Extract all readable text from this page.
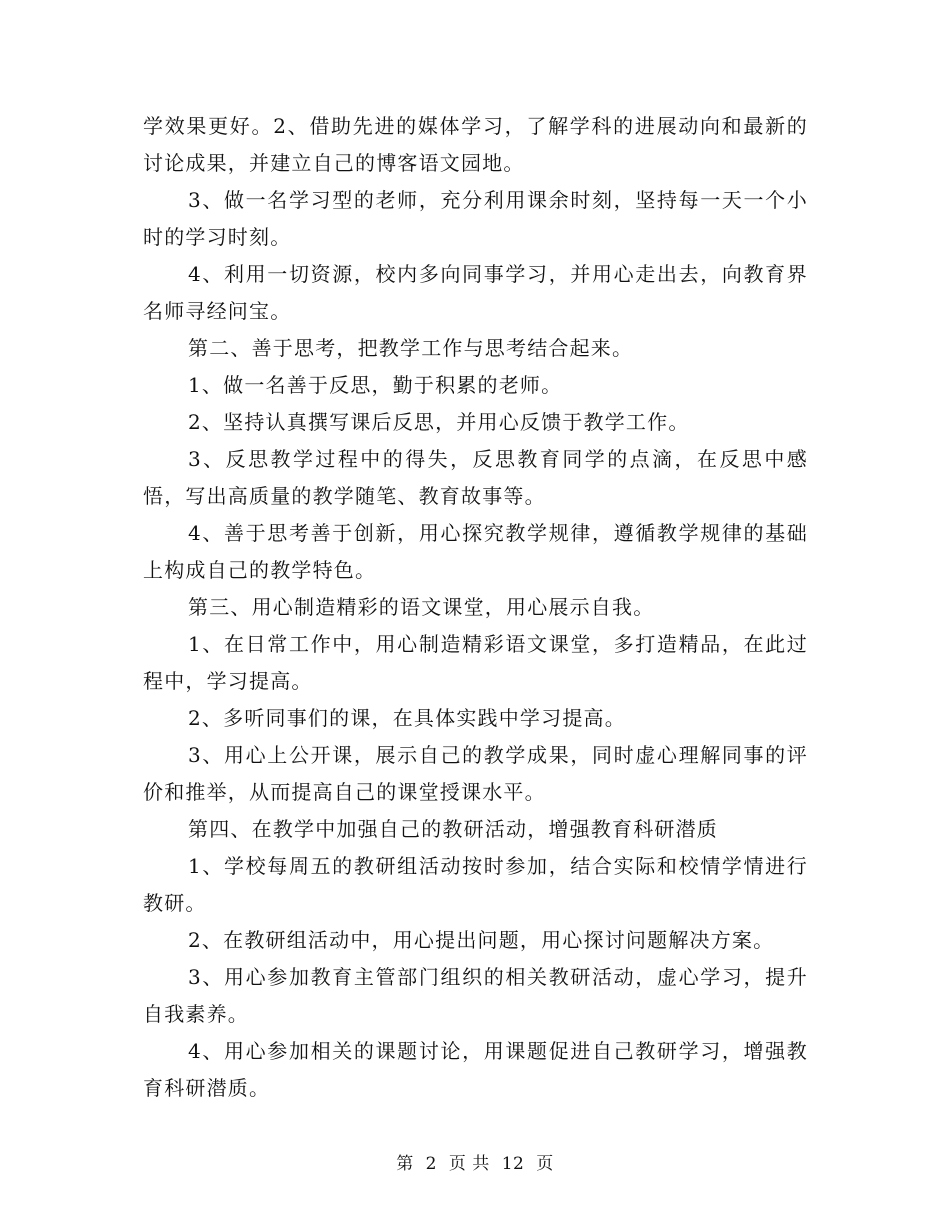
学效果更好。2、借助先进的媒体学习，了解学科的进展动向和最新的讨论成果，并建立自己的博客语文园地。

3、做一名学习型的老师，充分利用课余时刻，坚持每一天一个小时的学习时刻。

4、利用一切资源，校内多向同事学习，并用心走出去，向教育界名师寻经问宝。

第二、善于思考，把教学工作与思考结合起来。

1、做一名善于反思，勤于积累的老师。

2、坚持认真撰写课后反思，并用心反馈于教学工作。

3、反思教学过程中的得失，反思教育同学的点滴，在反思中感悟，写出高质量的教学随笔、教育故事等。

4、善于思考善于创新，用心探究教学规律，遵循教学规律的基础上构成自己的教学特色。

第三、用心制造精彩的语文课堂，用心展示自我。

1、在日常工作中，用心制造精彩语文课堂，多打造精品，在此过程中，学习提高。

2、多听同事们的课，在具体实践中学习提高。

3、用心上公开课，展示自己的教学成果，同时虚心理解同事的评价和推举，从而提高自己的课堂授课水平。

第四、在教学中加强自己的教研活动，增强教育科研潜质

1、学校每周五的教研组活动按时参加，结合实际和校情学情进行教研。

2、在教研组活动中，用心提出问题，用心探讨问题解决方案。

3、用心参加教育主管部门组织的相关教研活动，虚心学习，提升自我素养。

4、用心参加相关的课题讨论，用课题促进自己教研学习，增强教育科研潜质。

第 2 页 共 12 页
